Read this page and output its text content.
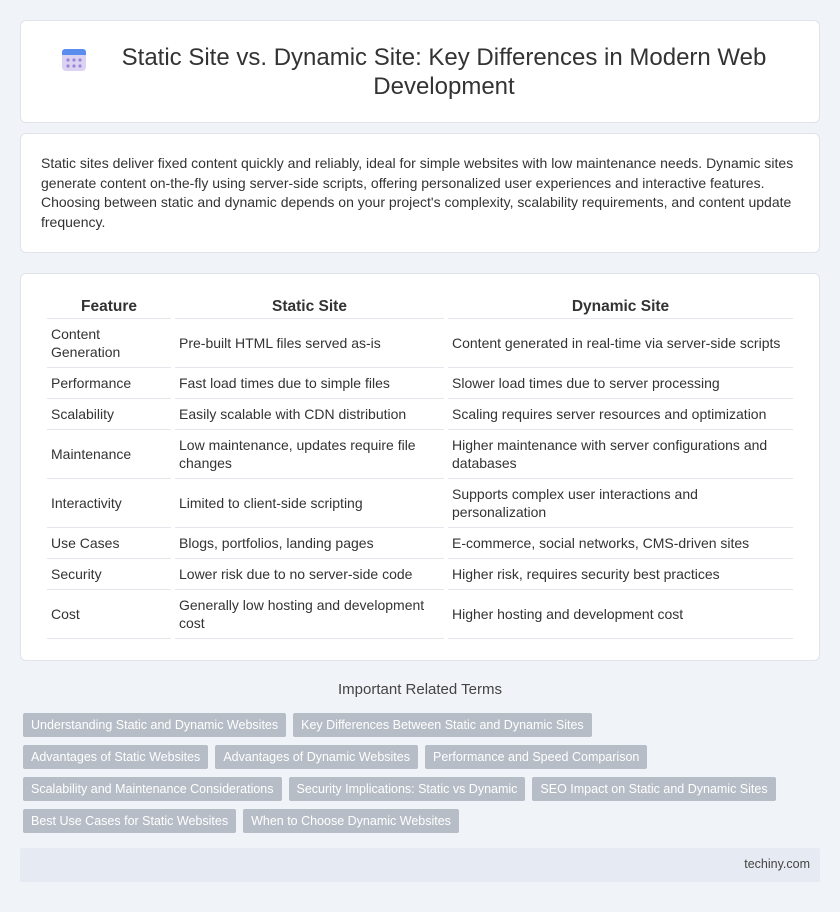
Static Site vs. Dynamic Site: Key Differences in Modern Web Development

Static sites deliver fixed content quickly and reliably, ideal for simple websites with low maintenance needs. Dynamic sites generate content on-the-fly using server-side scripts, offering personalized user experiences and interactive features. Choosing between static and dynamic depends on your project's complexity, scalability requirements, and content update frequency.

Feature	Static Site	Dynamic Site
Content Generation	Pre-built HTML files served as-is	Content generated in real-time via server-side scripts
Performance	Fast load times due to simple files	Slower load times due to server processing
Scalability	Easily scalable with CDN distribution	Scaling requires server resources and optimization
Maintenance	Low maintenance, updates require file changes	Higher maintenance with server configurations and databases
Interactivity	Limited to client-side scripting	Supports complex user interactions and personalization
Use Cases	Blogs, portfolios, landing pages	E-commerce, social networks, CMS-driven sites
Security	Lower risk due to no server-side code	Higher risk, requires security best practices
Cost	Generally low hosting and development cost	Higher hosting and development cost
Important Related Terms
Understanding Static and Dynamic Websites	Key Differences Between Static and Dynamic Sites
Advantages of Static Websites	Advantages of Dynamic Websites	Performance and Speed Comparison
Scalability and Maintenance Considerations	Security Implications: Static vs Dynamic	SEO Impact on Static and Dynamic Sites
Best Use Cases for Static Websites	When to Choose Dynamic Websites
techiny.com
